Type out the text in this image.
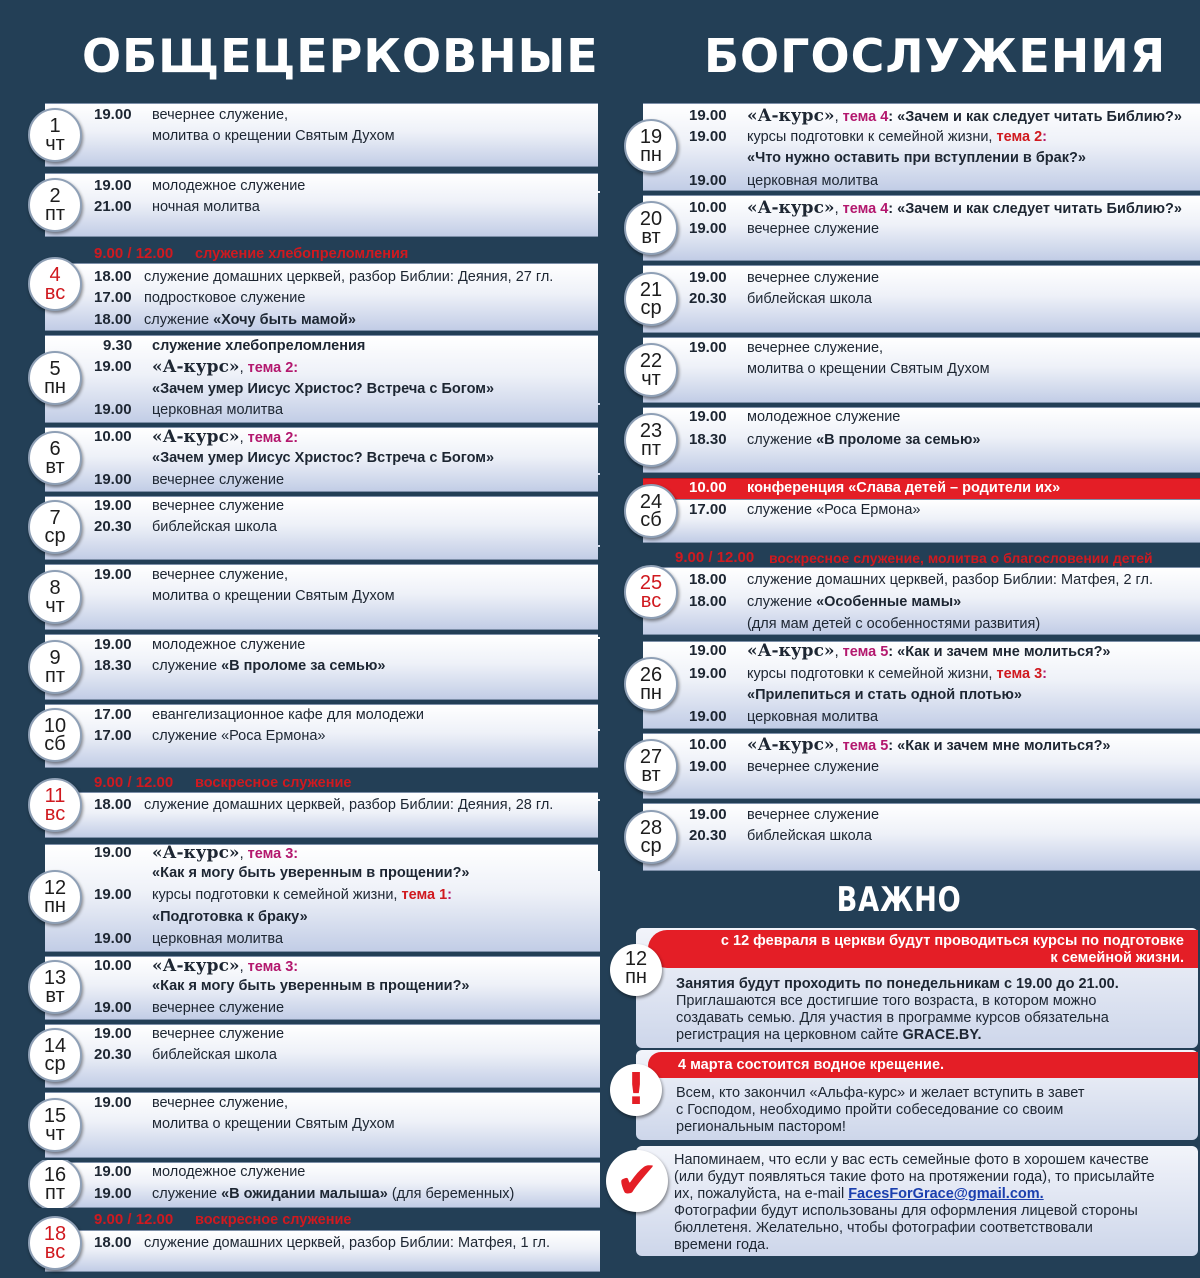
ОБЩЕЦЕРКОВНЫЕ БОГОСЛУЖЕНИЯ
1
чт
19.00 вечернее служение,
молитва о крещении Святым Духом
2
пт
19.00 молодежное служение
21.00 ночная молитва
4
вс
9.00 / 12.00 служение хлебопреломления
18.00 служение домашних церквей, разбор Библии: Деяния, 27 гл.
17.00 подростковое служение
18.00 служение «Хочу быть мамой»
5
пн
9.30 служение хлебопреломления
19.00 «А-курс», тема 2:
«Зачем умер Иисус Христос? Встреча с Богом»
19.00 церковная молитва
6
вт
10.00 «А-курс», тема 2:
«Зачем умер Иисус Христос? Встреча с Богом»
19.00 вечернее служение
7
ср
19.00 вечернее служение
20.30 библейская школа
8
чт
19.00 вечернее служение,
молитва о крещении Святым Духом
9
пт
19.00 молодежное служение
18.30 служение «В проломе за семью»
10
сб
17.00 евангелизационное кафе для молодежи
17.00 служение «Роса Ермона»
11
вс
9.00 / 12.00 воскресное служение
18.00 служение домашних церквей, разбор Библии: Деяния, 28 гл.
12
пн
19.00 «А-курс», тема 3:
«Как я могу быть уверенным в прощении?»
19.00 курсы подготовки к семейной жизни, тема 1:
«Подготовка к браку»
19.00 церковная молитва
13
вт
10.00 «А-курс», тема 3:
«Как я могу быть уверенным в прощении?»
19.00 вечернее служение
14
ср
19.00 вечернее служение
20.30 библейская школа
15
чт
19.00 вечернее служение,
молитва о крещении Святым Духом
16
пт
19.00 молодежное служение
19.00 служение «В ожидании малыша» (для беременных)
18
вс
9.00 / 12.00 воскресное служение
18.00 служение домашних церквей, разбор Библии: Матфея, 1 гл.
19
пн
19.00 «А-курс», тема 4: «Зачем и как следует читать Библию?»
19.00 курсы подготовки к семейной жизни, тема 2:
«Что нужно оставить при вступлении в брак?»
19.00 церковная молитва
20
вт
10.00 «А-курс», тема 4: «Зачем и как следует читать Библию?»
19.00 вечернее служение
21
ср
19.00 вечернее служение
20.30 библейская школа
22
чт
19.00 вечернее служение,
молитва о крещении Святым Духом
23
пт
19.00 молодежное служение
18.30 служение «В проломе за семью»
24
сб
10.00 конференция «Слава детей – родители их»
17.00 служение «Роса Ермона»
25
вс
9.00 / 12.00 воскресное служение, молитва о благословении детей
18.00 служение домашних церквей, разбор Библии: Матфея, 2 гл.
18.00 служение «Особенные мамы»
(для мам детей с особенностями развития)
26
пн
19.00 «А-курс», тема 5: «Как и зачем мне молиться?»
19.00 курсы подготовки к семейной жизни, тема 3:
«Прилепиться и стать одной плотью»
19.00 церковная молитва
27
вт
10.00 «А-курс», тема 5: «Как и зачем мне молиться?»
19.00 вечернее служение
28
ср
19.00 вечернее служение
20.30 библейская школа
ВАЖНО
с 12 февраля в церкви будут проводиться курсы по подготовке
к семейной жизни.
Занятия будут проходить по понедельникам с 19.00 до 21.00.
Приглашаются все достигшие того возраста, в котором можно
создавать семью. Для участия в программе курсов обязательна
регистрация на церковном сайте GRACE.BY.
12
пн
4 марта состоится водное крещение.
Всем, кто закончил «Альфа-курс» и желает вступить в завет
с Господом, необходимо пройти собеседование со своим
региональным пастором!
!
Напоминаем, что если у вас есть семейные фото в хорошем качестве
(или будут появляться такие фото на протяжении года), то присылайте
их, пожалуйста, на e-mail FacesForGrace@gmail.com.
Фотографии будут использованы для оформления лицевой стороны
бюллетеня. Желательно, чтобы фотографии соответствовали
времени года.
✔
